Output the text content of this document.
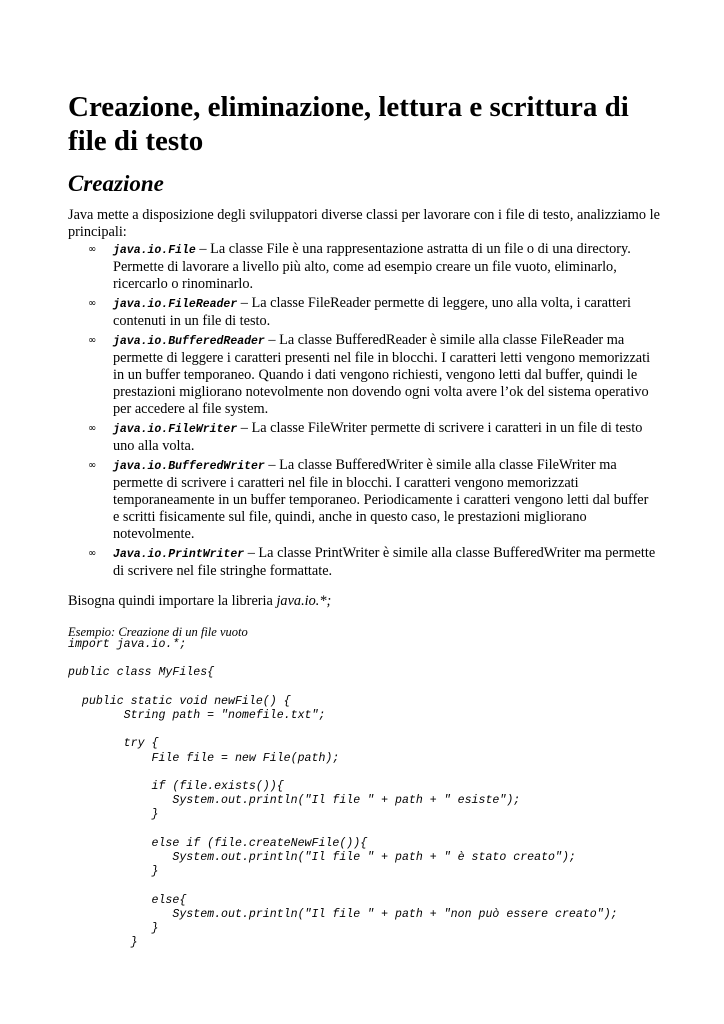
Creazione, eliminazione, lettura e scrittura di file di testo
Creazione
Java mette a disposizione degli sviluppatori diverse classi per lavorare con i file di testo, analizziamo le principali:
∞ java.io.File – La classe File è una rappresentazione astratta di un file o di una directory. Permette di lavorare a livello più alto, come ad esempio creare un file vuoto, eliminarlo, ricercarlo o rinominarlo.
∞ java.io.FileReader – La classe FileReader permette di leggere, uno alla volta, i caratteri contenuti in un file di testo.
∞ java.io.BufferedReader – La classe BufferedReader è simile alla classe FileReader ma permette di leggere i caratteri presenti nel file in blocchi. I caratteri letti vengono memorizzati in un buffer temporaneo. Quando i dati vengono richiesti, vengono letti dal buffer, quindi le prestazioni migliorano notevolmente non dovendo ogni volta avere l’ok del sistema operativo per accedere al file system.
∞ java.io.FileWriter – La classe FileWriter permette di scrivere i caratteri in un file di testo uno alla volta.
∞ java.io.BufferedWriter – La classe BufferedWriter è simile alla classe FileWriter ma permette di scrivere i caratteri nel file in blocchi. I caratteri vengono memorizzati temporaneamente in un buffer temporaneo. Periodicamente i caratteri vengono letti dal buffer e scritti fisicamente sul file, quindi, anche in questo caso, le prestazioni migliorano notevolmente.
∞ Java.io.PrintWriter – La classe PrintWriter è simile alla classe BufferedWriter ma permette di scrivere nel file stringhe formattate.
Bisogna quindi importare la libreria java.io.*;
Esempio: Creazione di un file vuoto
import java.io.*;

public class MyFiles{

public static void newFile() {
String path = "nomefile.txt";

try {
File file = new File(path);

if (file.exists()){
System.out.println("Il file " + path + " esiste");
}

else if (file.createNewFile()){
System.out.println("Il file " + path + " è stato creato");
}

else{
System.out.println("Il file " + path + "non può essere creato");
}
}
